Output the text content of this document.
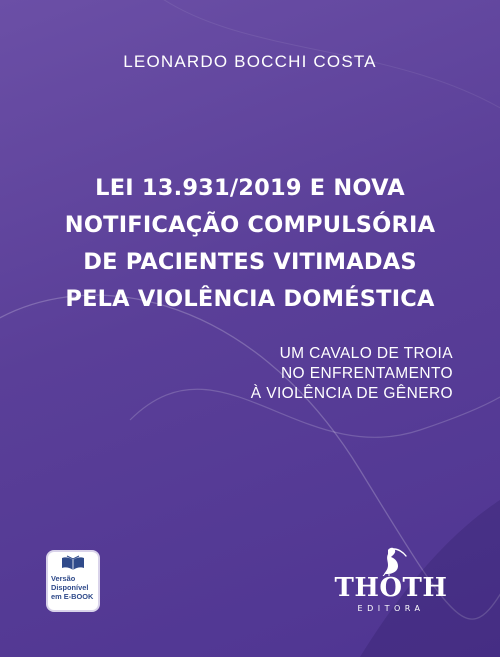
LEONARDO BOCCHI COSTA
LEI 13.931/2019 E NOVA
NOTIFICAÇÃO COMPULSÓRIA
DE PACIENTES VITIMADAS
PELA VIOLÊNCIA DOMÉSTICA
UM CAVALO DE TROIA
NO ENFRENTAMENTO
À VIOLÊNCIA DE GÊNERO
Versão
Disponível
em E-BOOK	THOTH
EDITORA
